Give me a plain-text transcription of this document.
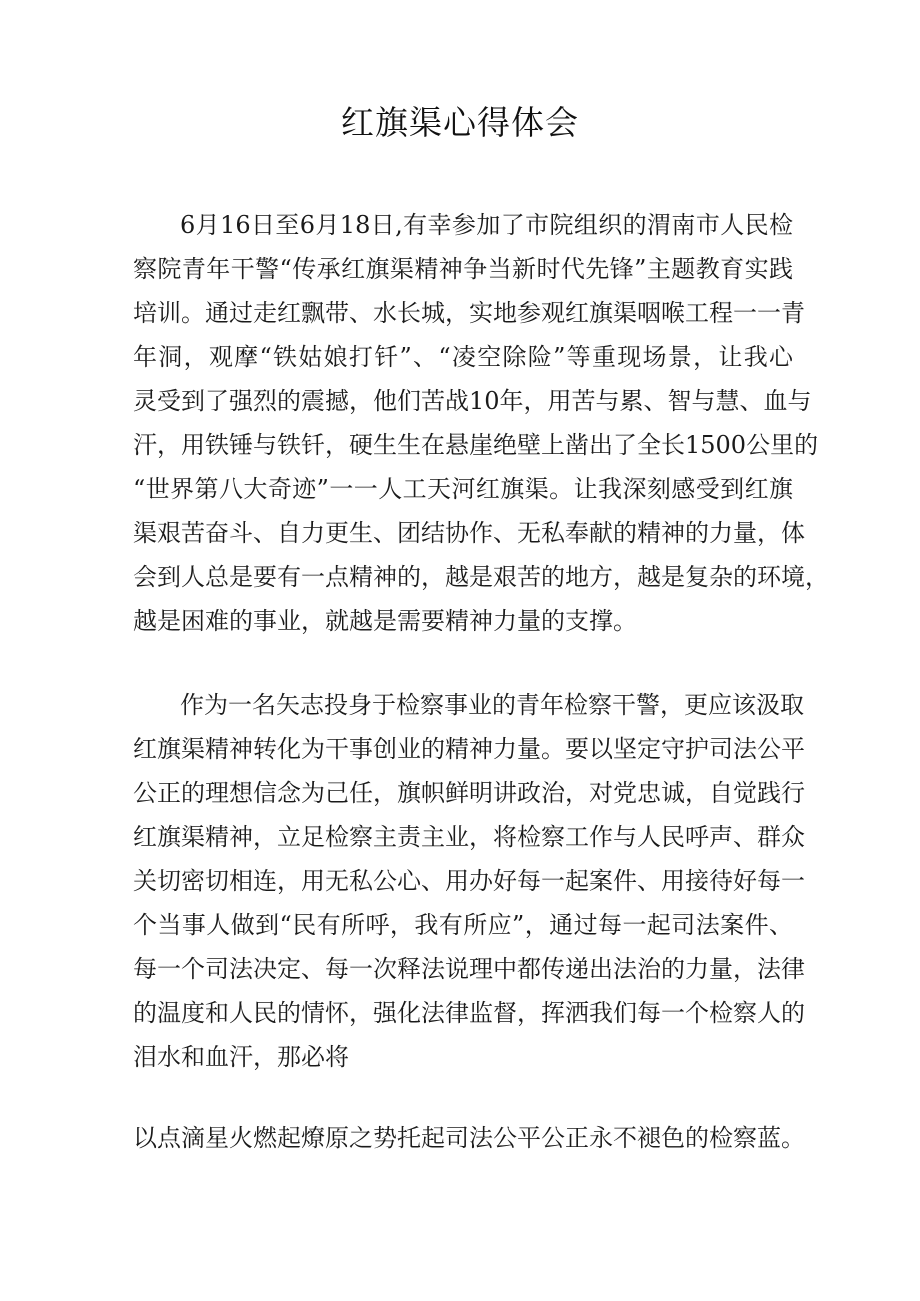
红旗渠心得体会
6月16日至6月18日,有幸参加了市院组织的渭南市人民检
察院青年干警“传承红旗渠精神争当新时代先锋”主题教育实践
培训。通过走红飘带、水长城，实地参观红旗渠咽喉工程一一青
年洞，观摩“铁姑娘打钎”、“凌空除险”等重现场景，让我心
灵受到了强烈的震撼，他们苦战10年，用苦与累、智与慧、血与
汗，用铁锤与铁钎，硬生生在悬崖绝壁上凿出了全长1500公里的
“世界第八大奇迹”一一人工天河红旗渠。让我深刻感受到红旗
渠艰苦奋斗、自力更生、团结协作、无私奉献的精神的力量，体
会到人总是要有一点精神的，越是艰苦的地方，越是复杂的环境，
越是困难的事业，就越是需要精神力量的支撑。
作为一名矢志投身于检察事业的青年检察干警，更应该汲取
红旗渠精神转化为干事创业的精神力量。要以坚定守护司法公平
公正的理想信念为己任，旗帜鲜明讲政治，对党忠诚，自觉践行
红旗渠精神，立足检察主责主业，将检察工作与人民呼声、群众
关切密切相连，用无私公心、用办好每一起案件、用接待好每一
个当事人做到“民有所呼，我有所应”，通过每一起司法案件、
每一个司法决定、每一次释法说理中都传递出法治的力量，法律
的温度和人民的情怀，强化法律监督，挥洒我们每一个检察人的
泪水和血汗，那必将
以点滴星火燃起燎原之势托起司法公平公正永不褪色的检察蓝。
